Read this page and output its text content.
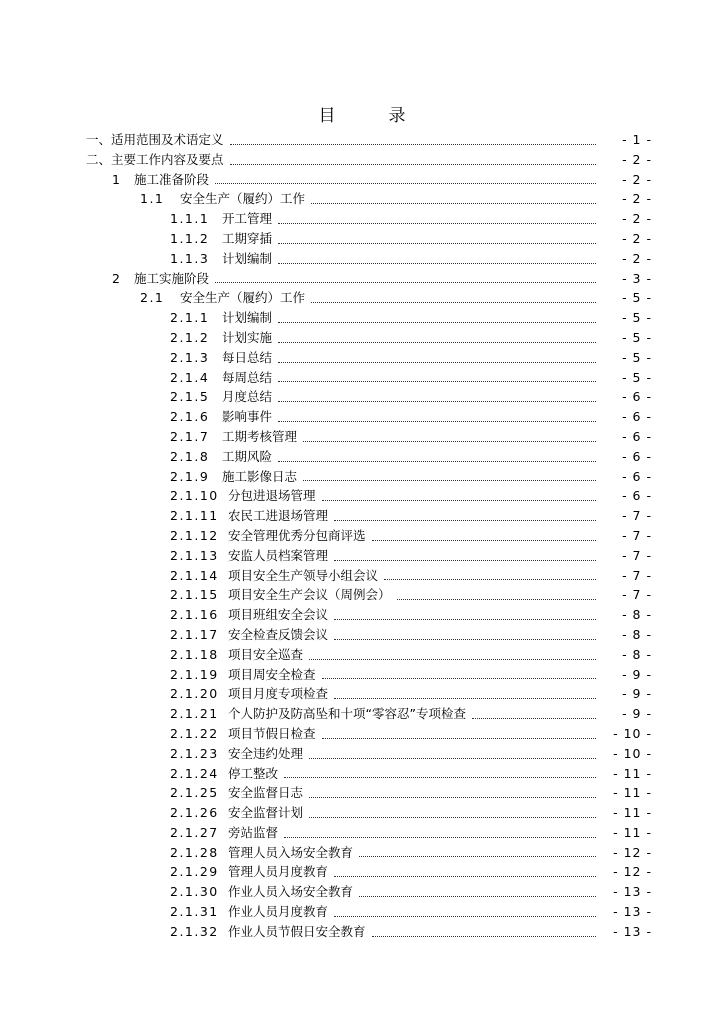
目　录
一、适用范围及术语定义	- 1 -
二、主要工作内容及要点	- 2 -
1	施工准备阶段	- 2 -
1.1	安全生产（履约）工作	- 2 -
1.1.1	开工管理	- 2 -
1.1.2	工期穿插	- 2 -
1.1.3	计划编制	- 2 -
2	施工实施阶段	- 3 -
2.1	安全生产（履约）工作	- 5 -
2.1.1	计划编制	- 5 -
2.1.2	计划实施	- 5 -
2.1.3	每日总结	- 5 -
2.1.4	每周总结	- 5 -
2.1.5	月度总结	- 6 -
2.1.6	影响事件	- 6 -
2.1.7	工期考核管理	- 6 -
2.1.8	工期风险	- 6 -
2.1.9	施工影像日志	- 6 -
2.1.10 分包进退场管理	- 6 -
2.1.11 农民工进退场管理	- 7 -
2.1.12 安全管理优秀分包商评选	- 7 -
2.1.13 安监人员档案管理	- 7 -
2.1.14 项目安全生产领导小组会议	- 7 -
2.1.15 项目安全生产会议（周例会）	- 7 -
2.1.16 项目班组安全会议	- 8 -
2.1.17 安全检查反馈会议	- 8 -
2.1.18 项目安全巡查	- 8 -
2.1.19 项目周安全检查	- 9 -
2.1.20 项目月度专项检查	- 9 -
2.1.21 个人防护及防高坠和十项“零容忍”专项检查	- 9 -
2.1.22 项目节假日检查	- 10 -
2.1.23 安全违约处理	- 10 -
2.1.24 停工整改	- 11 -
2.1.25 安全监督日志	- 11 -
2.1.26 安全监督计划	- 11 -
2.1.27 旁站监督	- 11 -
2.1.28 管理人员入场安全教育	- 12 -
2.1.29 管理人员月度教育	- 12 -
2.1.30 作业人员入场安全教育	- 13 -
2.1.31 作业人员月度教育	- 13 -
2.1.32 作业人员节假日安全教育	- 13 -
